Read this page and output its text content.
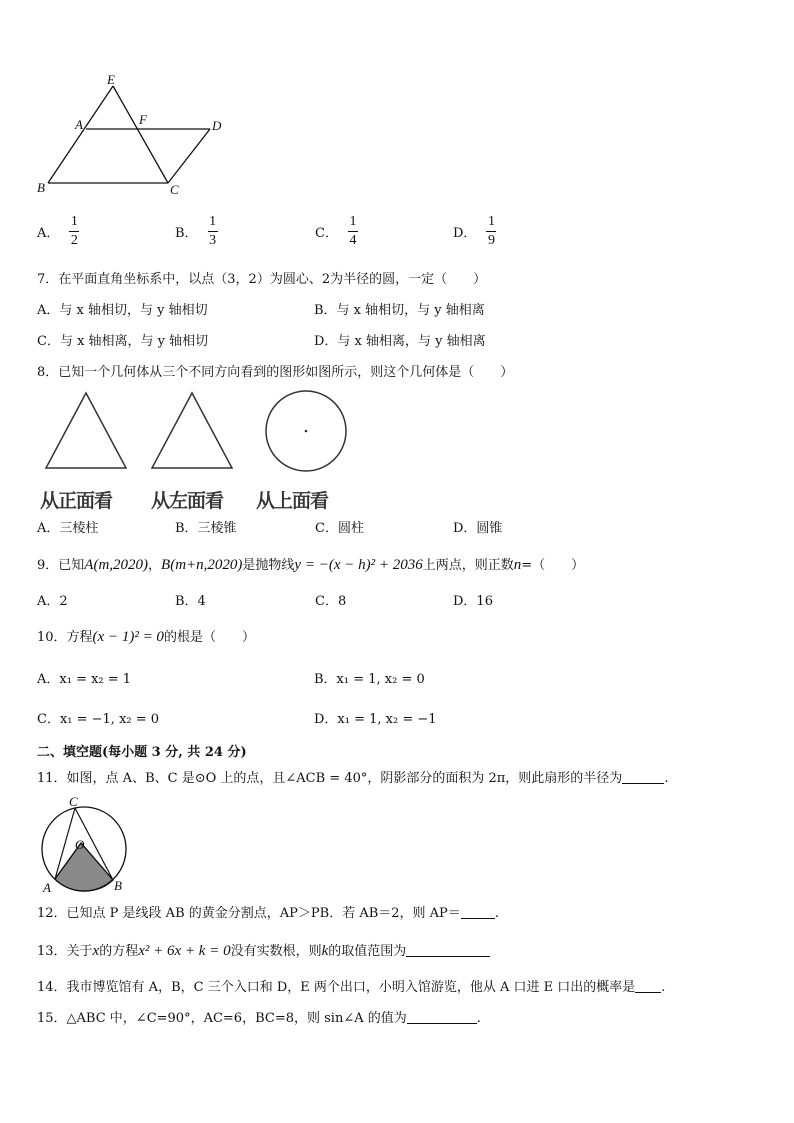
E
A	F	D
B	C
A． $\frac{1}{2}$	B． $\frac{1}{3}$	C． $\frac{1}{4}$	D． $\frac{1}{9}$
7．在平面直角坐标系中，以点（3，2）为圆心、2为半径的圆，一定（　　）
A．与 x 轴相切，与 y 轴相切	B．与 x 轴相切，与 y 轴相离
C．与 x 轴相离，与 y 轴相切	D．与 x 轴相离，与 y 轴相离
8．已知一个几何体从三个不同方向看到的图形如图所示，则这个几何体是（　　）
从正面看 从左面看 从上面看
A．三棱柱	B．三棱锥	C．圆柱	D．圆锥
9．已知A(m,2020)，B(m+n,2020)是抛物线y = −(x − h)² + 2036上两点，则正数n=（　　）
A．2	B．4	C．8	D．16
10．方程(x − 1)² = 0的根是（　　）
A．x₁ = x₂ = 1	B．x₁ = 1, x₂ = 0
C．x₁ = −1, x₂ = 0	D．x₁ = 1, x₂ = −1
二、填空题(每小题 3 分, 共 24 分)
11．如图，点 A、B、C 是⊙O 上的点，且∠ACB = 40°，阴影部分的面积为 2π，则此扇形的半径为	.
C
O
A	B
12．已知点 P 是线段 AB 的黄金分割点，AP＞PB．若 AB＝2，则 AP＝	.
13．关于x的方程x² + 6x + k = 0没有实数根，则k的取值范围为
14．我市博览馆有 A，B，C 三个入口和 D，E 两个出口，小明入馆游览，他从 A 口进 E 口出的概率是 .
15．△ABC 中，∠C=90°，AC=6，BC=8，则 sin∠A 的值为	.
